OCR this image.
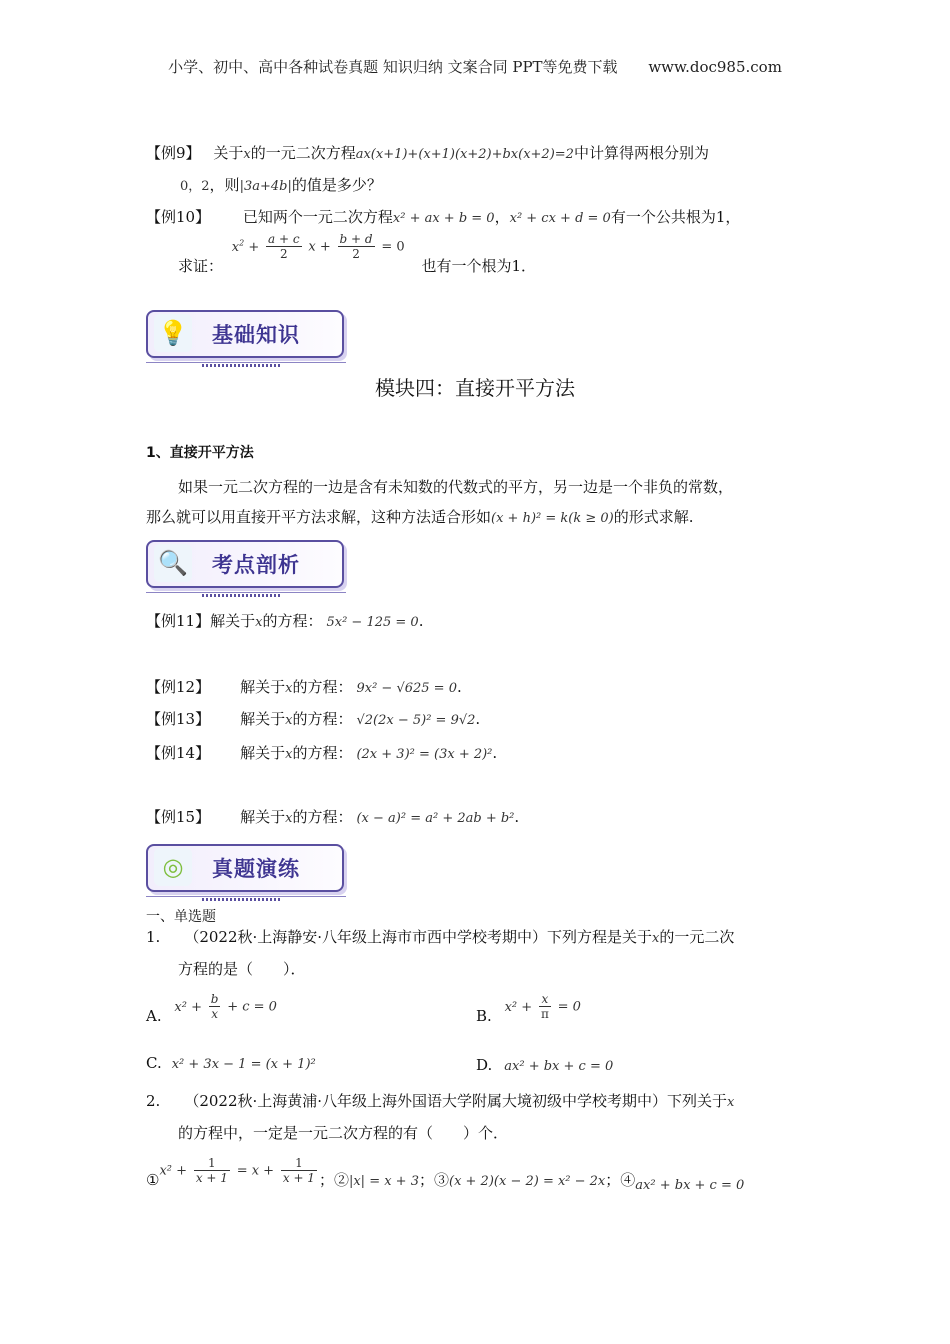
小学、初中、高中各种试卷真题 知识归纳 文案合同 PPT等免费下载 www.doc985.com
【例9】 关于x的一元二次方程ax(x+1)+(x+1)(x+2)+bx(x+2)=2中计算得两根分别为
0，2，则|3a+4b|的值是多少？
【例10】 已知两个一元二次方程x² + ax + b = 0，x² + cx + d = 0有一个公共根为1，
求证： $x^2 + \frac{a + c}{2}$ $x + \frac{b + d}{2} = 0$ 也有一个根为1．
💡 基础知识
模块四：直接开平方法
1、直接开平方法
如果一元二次方程的一边是含有未知数的代数式的平方，另一边是一个非负的常数，
那么就可以用直接开平方法求解，这种方法适合形如(x + h)² = k(k ≥ 0)的形式求解.
🔍 考点剖析
【例11】解关于x的方程： 5x² − 125 = 0.
【例12】 解关于x的方程： 9x² − √625 = 0.
【例13】 解关于x的方程： √2(2x − 5)² = 9√2.
【例14】 解关于x的方程： (2x + 3)² = (3x + 2)².
【例15】 解关于x的方程： (x − a)² = a² + 2ab + b².
◎	真题演练
一、单选题
1. （2022秋·上海静安·八年级上海市市西中学校考期中）下列方程是关于x的一元二次
方程的是（　　）．
A. $x^2 + \frac{b}{x} + c = 0$	B. $x^2 + \frac{x}{\pi} = 0$
C. x² + 3x − 1 = (x + 1)²	D. ax² + bx + c = 0
2. （2022秋·上海黄浦·八年级上海外国语大学附属大境初级中学校考期中）下列关于x
的方程中，一定是一元二次方程的有（　　）个．
①x² + $\frac{1}{x + 1} = x + \frac{1}{x + 1}$ ；②|x| = x + 3；③(x + 2)(x − 2) = x² − 2x；④ax² + bx + c = 0
